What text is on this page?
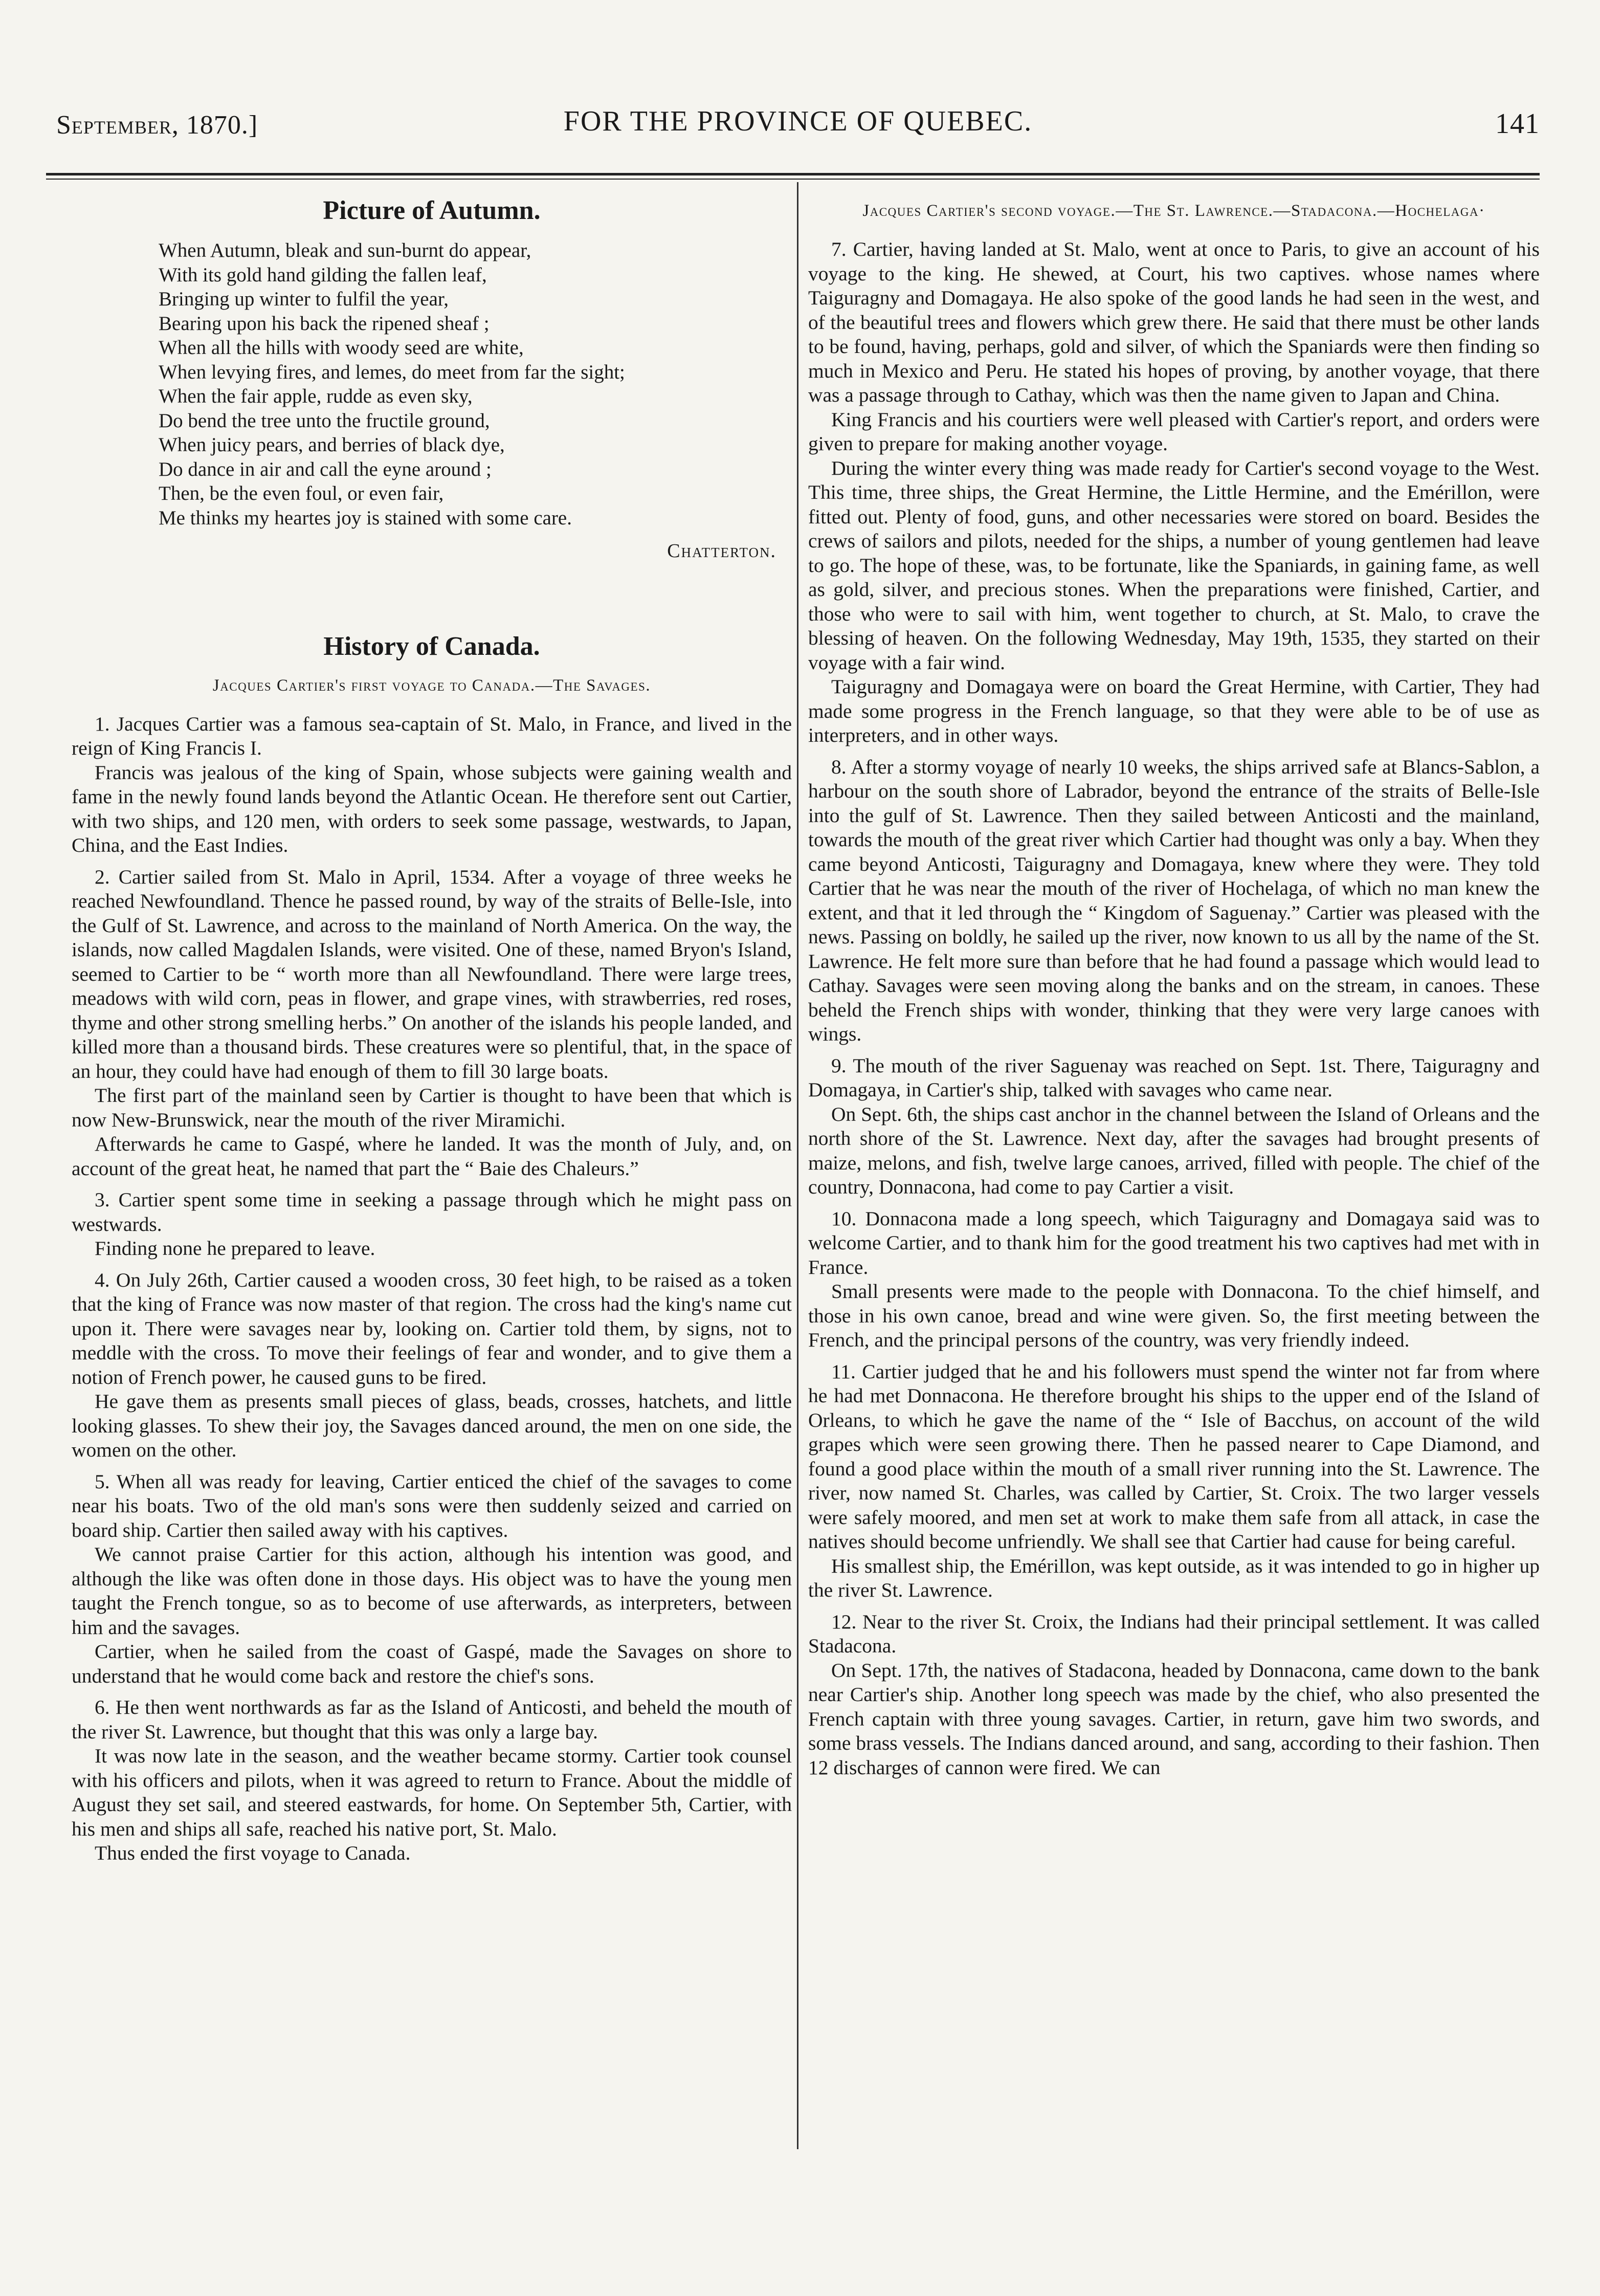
September, 1870.]	FOR THE PROVINCE OF QUEBEC.	141
Picture of Autumn.
When Autumn, bleak and sun-burnt do appear,
With its gold hand gilding the fallen leaf,
Bringing up winter to fulfil the year,
Bearing upon his back the ripened sheaf ;
When all the hills with woody seed are white,
When levying fires, and lemes, do meet from far the sight;
When the fair apple, rudde as even sky,
Do bend the tree unto the fructile ground,
When juicy pears, and berries of black dye,
Do dance in air and call the eyne around ;
Then, be the even foul, or even fair,
Me thinks my heartes joy is stained with some care.
Chatterton.
History of Canada.
Jacques Cartier's first voyage to Canada.—The Savages.

1. Jacques Cartier was a famous sea-captain of St. Malo, in France, and lived in the reign of King Francis I.

Francis was jealous of the king of Spain, whose subjects were gaining wealth and fame in the newly found lands beyond the Atlantic Ocean. He therefore sent out Cartier, with two ships, and 120 men, with orders to seek some passage, westwards, to Japan, China, and the East Indies.

2. Cartier sailed from St. Malo in April, 1534. After a voyage of three weeks he reached Newfoundland. Thence he passed round, by way of the straits of Belle-Isle, into the Gulf of St. Lawrence, and across to the mainland of North America. On the way, the islands, now called Magdalen Islands, were visited. One of these, named Bryon's Island, seemed to Cartier to be “ worth more than all Newfoundland. There were large trees, meadows with wild corn, peas in flower, and grape vines, with strawberries, red roses, thyme and other strong smelling herbs.” On another of the islands his people landed, and killed more than a thousand birds. These creatures were so plentiful, that, in the space of an hour, they could have had enough of them to fill 30 large boats.

The first part of the mainland seen by Cartier is thought to have been that which is now New-Brunswick, near the mouth of the river Miramichi.

Afterwards he came to Gaspé, where he landed. It was the month of July, and, on account of the great heat, he named that part the “ Baie des Chaleurs.”

3. Cartier spent some time in seeking a passage through which he might pass on westwards.

Finding none he prepared to leave.

4. On July 26th, Cartier caused a wooden cross, 30 feet high, to be raised as a token that the king of France was now master of that region. The cross had the king's name cut upon it. There were savages near by, looking on. Cartier told them, by signs, not to meddle with the cross. To move their feelings of fear and wonder, and to give them a notion of French power, he caused guns to be fired.

He gave them as presents small pieces of glass, beads, crosses, hatchets, and little looking glasses. To shew their joy, the Savages danced around, the men on one side, the women on the other.

5. When all was ready for leaving, Cartier enticed the chief of the savages to come near his boats. Two of the old man's sons were then suddenly seized and carried on board ship. Cartier then sailed away with his captives.

We cannot praise Cartier for this action, although his intention was good, and although the like was often done in those days. His object was to have the young men taught the French tongue, so as to become of use afterwards, as interpreters, between him and the savages.

Cartier, when he sailed from the coast of Gaspé, made the Savages on shore to understand that he would come back and restore the chief's sons.

6. He then went northwards as far as the Island of Anticosti, and beheld the mouth of the river St. Lawrence, but thought that this was only a large bay.

It was now late in the season, and the weather became stormy. Cartier took counsel with his officers and pilots, when it was agreed to return to France. About the middle of August they set sail, and steered eastwards, for home. On September 5th, Cartier, with his men and ships all safe, reached his native port, St. Malo.

Thus ended the first voyage to Canada.

Jacques Cartier's second voyage.—The St. Lawrence.—Stadacona.—Hochelaga·

7. Cartier, having landed at St. Malo, went at once to Paris, to give an account of his voyage to the king. He shewed, at Court, his two captives. whose names where Taiguragny and Domagaya. He also spoke of the good lands he had seen in the west, and of the beautiful trees and flowers which grew there. He said that there must be other lands to be found, having, perhaps, gold and silver, of which the Spaniards were then finding so much in Mexico and Peru. He stated his hopes of proving, by another voyage, that there was a passage through to Cathay, which was then the name given to Japan and China.

King Francis and his courtiers were well pleased with Cartier's report, and orders were given to prepare for making another voyage.

During the winter every thing was made ready for Cartier's second voyage to the West. This time, three ships, the Great Hermine, the Little Hermine, and the Emérillon, were fitted out. Plenty of food, guns, and other necessaries were stored on board. Besides the crews of sailors and pilots, needed for the ships, a number of young gentlemen had leave to go. The hope of these, was, to be fortunate, like the Spaniards, in gaining fame, as well as gold, silver, and precious stones. When the preparations were finished, Cartier, and those who were to sail with him, went together to church, at St. Malo, to crave the blessing of heaven. On the following Wednesday, May 19th, 1535, they started on their voyage with a fair wind.

Taiguragny and Domagaya were on board the Great Hermine, with Cartier, They had made some progress in the French language, so that they were able to be of use as interpreters, and in other ways.

8. After a stormy voyage of nearly 10 weeks, the ships arrived safe at Blancs-Sablon, a harbour on the south shore of Labrador, beyond the entrance of the straits of Belle-Isle into the gulf of St. Lawrence. Then they sailed between Anticosti and the mainland, towards the mouth of the great river which Cartier had thought was only a bay. When they came beyond Anticosti, Taiguragny and Domagaya, knew where they were. They told Cartier that he was near the mouth of the river of Hochelaga, of which no man knew the extent, and that it led through the “ Kingdom of Saguenay.” Cartier was pleased with the news. Passing on boldly, he sailed up the river, now known to us all by the name of the St. Lawrence. He felt more sure than before that he had found a passage which would lead to Cathay. Savages were seen moving along the banks and on the stream, in canoes. These beheld the French ships with wonder, thinking that they were very large canoes with wings.

9. The mouth of the river Saguenay was reached on Sept. 1st. There, Taiguragny and Domagaya, in Cartier's ship, talked with savages who came near.

On Sept. 6th, the ships cast anchor in the channel between the Island of Orleans and the north shore of the St. Lawrence. Next day, after the savages had brought presents of maize, melons, and fish, twelve large canoes, arrived, filled with people. The chief of the country, Donnacona, had come to pay Cartier a visit.

10. Donnacona made a long speech, which Taiguragny and Domagaya said was to welcome Cartier, and to thank him for the good treatment his two captives had met with in France.

Small presents were made to the people with Donnacona. To the chief himself, and those in his own canoe, bread and wine were given. So, the first meeting between the French, and the principal persons of the country, was very friendly indeed.

11. Cartier judged that he and his followers must spend the winter not far from where he had met Donnacona. He therefore brought his ships to the upper end of the Island of Orleans, to which he gave the name of the “ Isle of Bacchus, on account of the wild grapes which were seen growing there. Then he passed nearer to Cape Diamond, and found a good place within the mouth of a small river running into the St. Lawrence. The river, now named St. Charles, was called by Cartier, St. Croix. The two larger vessels were safely moored, and men set at work to make them safe from all attack, in case the natives should become unfriendly. We shall see that Cartier had cause for being careful.

His smallest ship, the Emérillon, was kept outside, as it was intended to go in higher up the river St. Lawrence.

12. Near to the river St. Croix, the Indians had their principal settlement. It was called Stadacona.

On Sept. 17th, the natives of Stadacona, headed by Donnacona, came down to the bank near Cartier's ship. Another long speech was made by the chief, who also presented the French captain with three young savages. Cartier, in return, gave him two swords, and some brass vessels. The Indians danced around, and sang, according to their fashion. Then 12 discharges of cannon were fired. We can
